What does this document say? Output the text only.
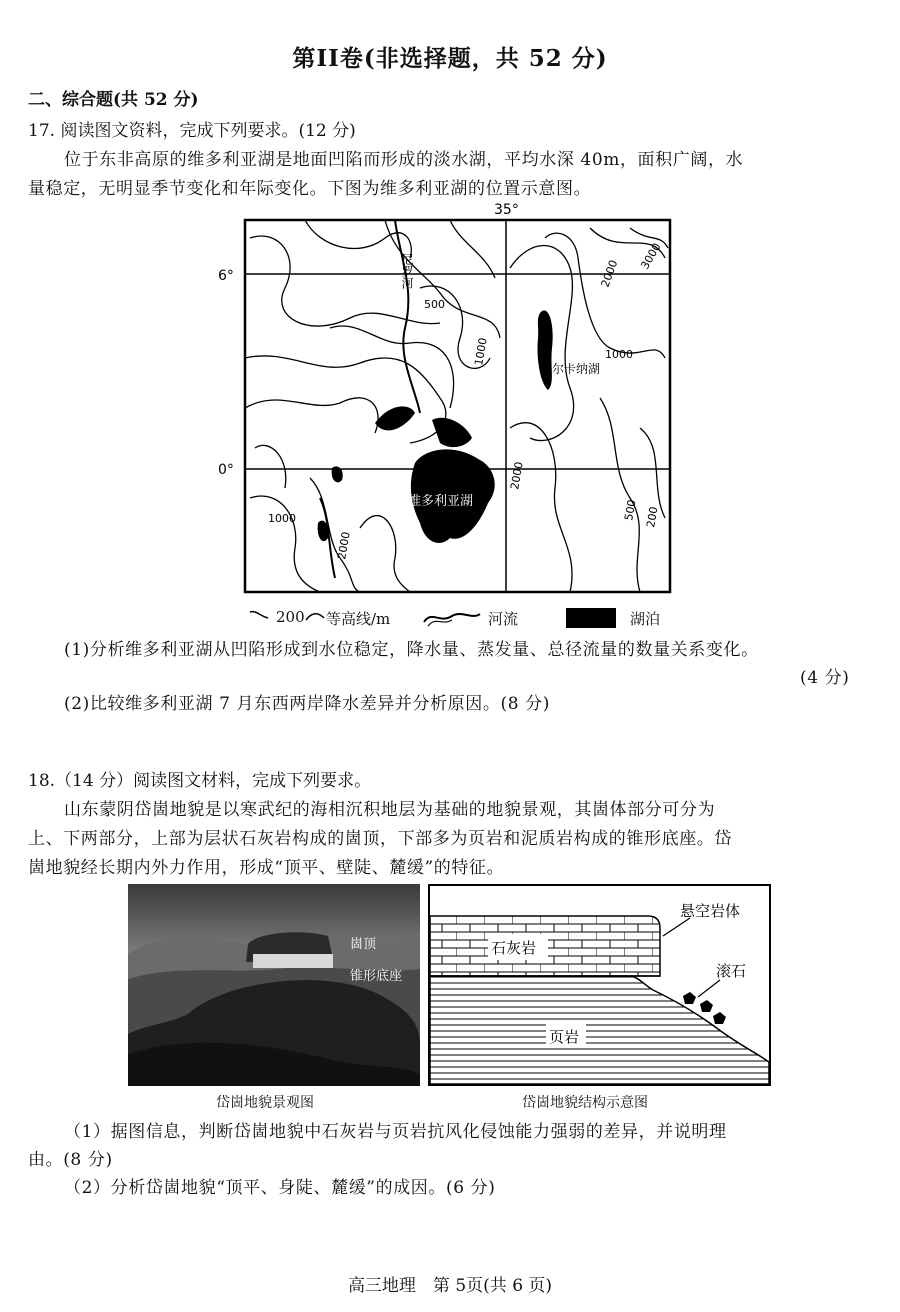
第II卷(非选择题，共 52 分)
二、综合题(共 52 分)
17. 阅读图文资料，完成下列要求。(12 分)
位于东非高原的维多利亚湖是地面凹陷而形成的淡水湖，平均水深 40m，面积广阔，水
量稳定，无明显季节变化和年际变化。下图为维多利亚湖的位置示意图。
35°
6°
0°
尼罗河
维多利亚湖
图尔卡纳湖
500
1000
2000
3000
1000
2000
1000
2000
500 200
200 等高线/m	河流	湖泊
(1)分析维多利亚湖从凹陷形成到水位稳定，降水量、蒸发量、总径流量的数量关系变化。
(4 分)
(2)比较维多利亚湖 7 月东西两岸降水差异并分析原因。(8 分)
18.（14 分）阅读图文材料，完成下列要求。
山东蒙阴岱崮地貌是以寒武纪的海相沉积地层为基础的地貌景观，其崮体部分可分为
上、下两部分，上部为层状石灰岩构成的崮顶，下部多为页岩和泥质岩构成的锥形底座。岱
崮地貌经长期内外力作用，形成“顶平、壁陡、麓缓”的特征。
崮顶
锥形底座
岱崮地貌景观图
石灰岩
悬空岩体
滚石
页岩
岱崮地貌结构示意图
（1）据图信息，判断岱崮地貌中石灰岩与页岩抗风化侵蚀能力强弱的差异，并说明理
由。(8 分)
（2）分析岱崮地貌“顶平、身陡、麓缓”的成因。(6 分)
高三地理　第 5页(共 6 页)
